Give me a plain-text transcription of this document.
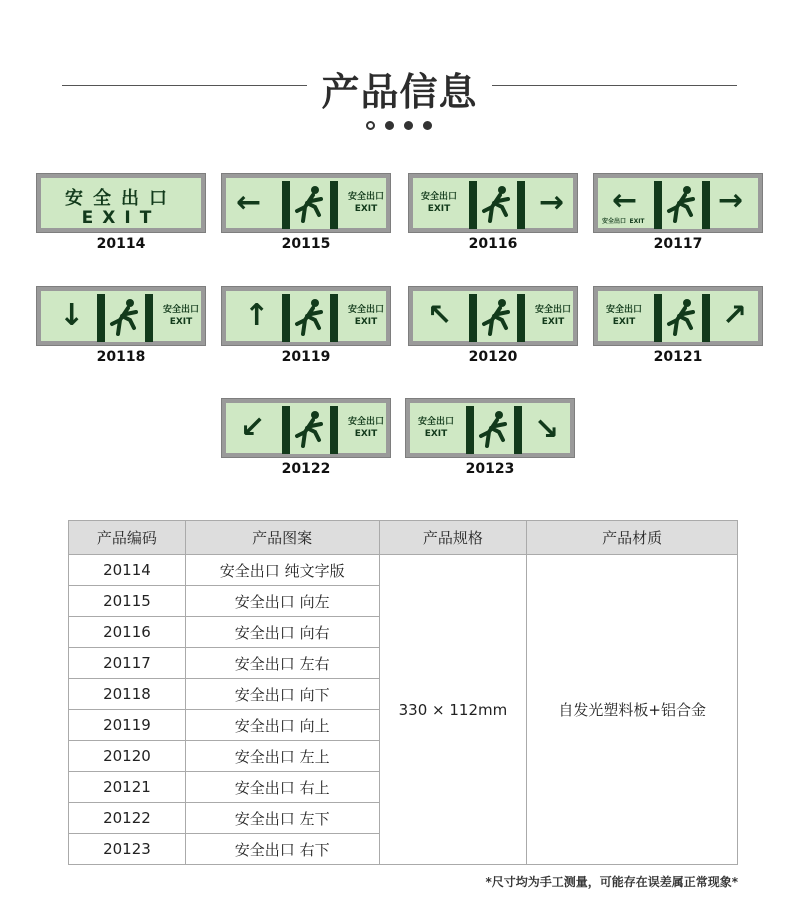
产品信息
安全出口
EXIT
20114
←	安全出口
EXIT
20115
安全出口
EXIT	→
20116
←	→
安全出口 EXIT
20117
↓	安全出口
EXIT
20118
↑	安全出口
EXIT
20119
↖	安全出口
EXIT
20120
安全出口
EXIT	↗
20121
↙	安全出口
EXIT
20122
安全出口
EXIT	↘
20123
产品编码	产品图案	产品规格	产品材质
20114	安全出口 纯文字版	330 × 112mm	自发光塑料板+铝合金
20115	安全出口 向左		
20116	安全出口 向右		
20117	安全出口 左右		
20118	安全出口 向下		
20119	安全出口 向上		
20120	安全出口 左上		
20121	安全出口 右上		
20122	安全出口 左下		
20123	安全出口 右下		
*尺寸均为手工测量，可能存在误差属正常现象*
